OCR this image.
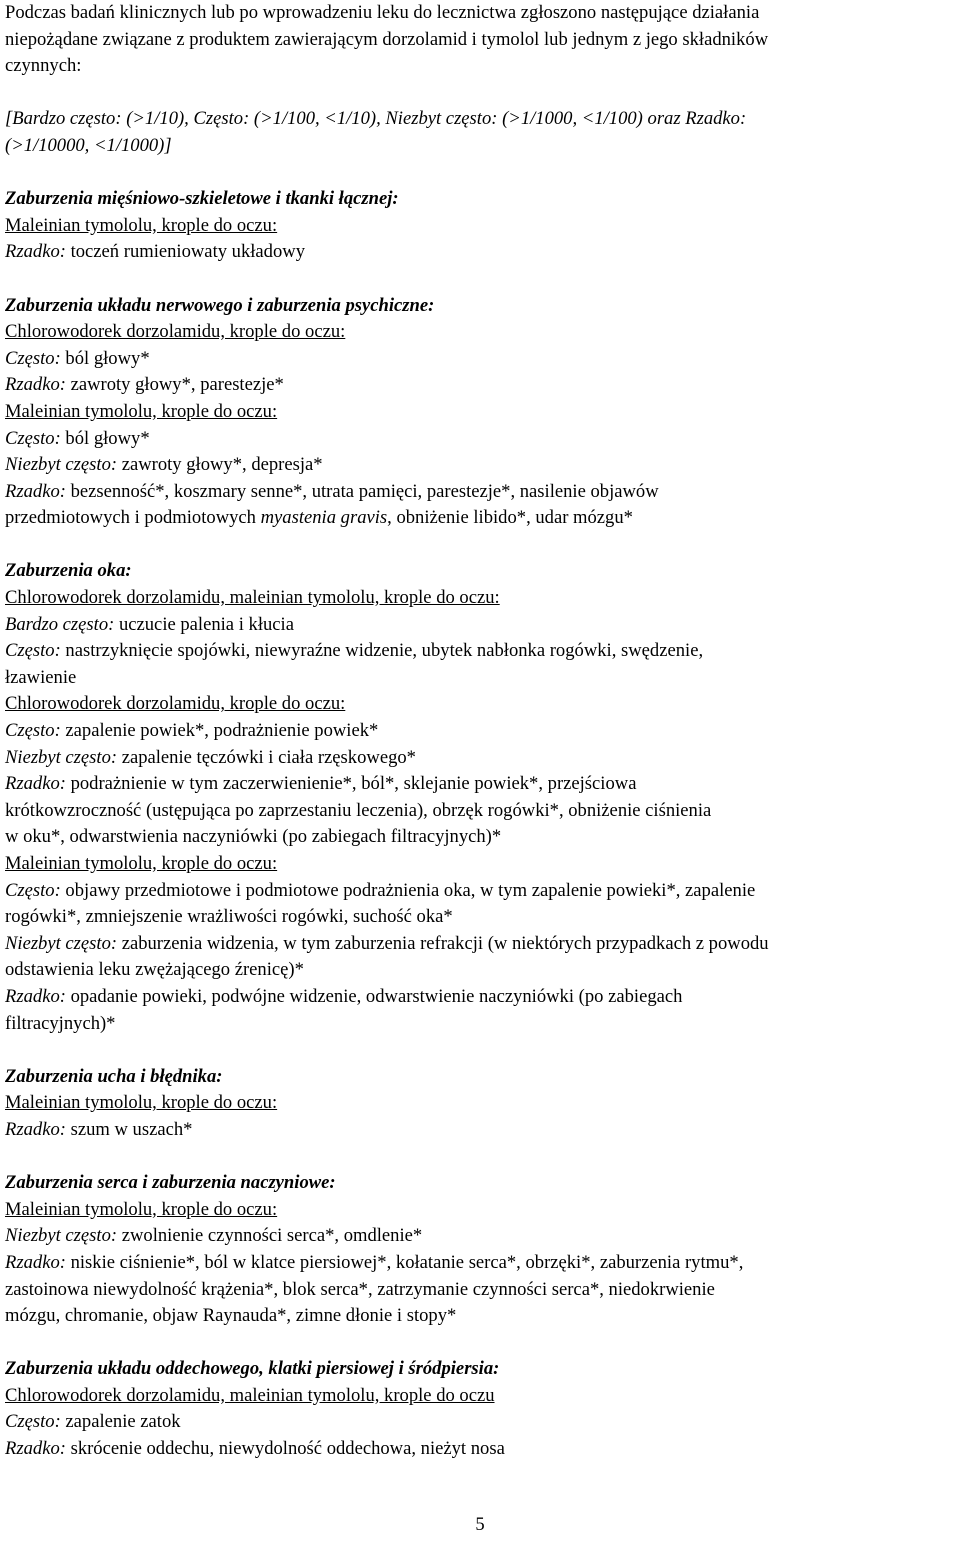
Podczas badań klinicznych lub po wprowadzeniu leku do lecznictwa zgłoszono następujące działania
niepożądane związane z produktem zawierającym dorzolamid i tymolol lub jednym z jego składników
czynnych:
[Bardzo często: (>1/10), Często: (>1/100, <1/10), Niezbyt często: (>1/1000, <1/100) oraz Rzadko:
(>1/10000, <1/1000)]
Zaburzenia mięśniowo-szkieletowe i tkanki łącznej:
Maleinian tymololu, krople do oczu:
Rzadko: toczeń rumieniowaty układowy
Zaburzenia układu nerwowego i zaburzenia psychiczne:
Chlorowodorek dorzolamidu, krople do oczu:
Często: ból głowy*
Rzadko: zawroty głowy*, parestezje*
Maleinian tymololu, krople do oczu:
Często: ból głowy*
Niezbyt często: zawroty głowy*, depresja*
Rzadko: bezsenność*, koszmary senne*, utrata pamięci, parestezje*, nasilenie objawów
przedmiotowych i podmiotowych myastenia gravis, obniżenie libido*, udar mózgu*
Zaburzenia oka:
Chlorowodorek dorzolamidu, maleinian tymololu, krople do oczu:
Bardzo często: uczucie palenia i kłucia
Często: nastrzyknięcie spojówki, niewyraźne widzenie, ubytek nabłonka rogówki, swędzenie,
łzawienie
Chlorowodorek dorzolamidu, krople do oczu:
Często: zapalenie powiek*, podrażnienie powiek*
Niezbyt często: zapalenie tęczówki i ciała rzęskowego*
Rzadko: podrażnienie w tym zaczerwienienie*, ból*, sklejanie powiek*, przejściowa
krótkowzroczność (ustępująca po zaprzestaniu leczenia), obrzęk rogówki*, obniżenie ciśnienia
w oku*, odwarstwienia naczyniówki (po zabiegach filtracyjnych)*
Maleinian tymololu, krople do oczu:
Często: objawy przedmiotowe i podmiotowe podrażnienia oka, w tym zapalenie powieki*, zapalenie
rogówki*, zmniejszenie wrażliwości rogówki, suchość oka*
Niezbyt często: zaburzenia widzenia, w tym zaburzenia refrakcji (w niektórych przypadkach z powodu
odstawienia leku zwężającego źrenicę)*
Rzadko: opadanie powieki, podwójne widzenie, odwarstwienie naczyniówki (po zabiegach
filtracyjnych)*
Zaburzenia ucha i błędnika:
Maleinian tymololu, krople do oczu:
Rzadko: szum w uszach*
Zaburzenia serca i zaburzenia naczyniowe:
Maleinian tymololu, krople do oczu:
Niezbyt często: zwolnienie czynności serca*, omdlenie*
Rzadko: niskie ciśnienie*, ból w klatce piersiowej*, kołatanie serca*, obrzęki*, zaburzenia rytmu*,
zastoinowa niewydolność krążenia*, blok serca*, zatrzymanie czynności serca*, niedokrwienie
mózgu, chromanie, objaw Raynauda*, zimne dłonie i stopy*
Zaburzenia układu oddechowego, klatki piersiowej i śródpiersia:
Chlorowodorek dorzolamidu, maleinian tymololu, krople do oczu
Często: zapalenie zatok
Rzadko: skrócenie oddechu, niewydolność oddechowa, nieżyt nosa
5
